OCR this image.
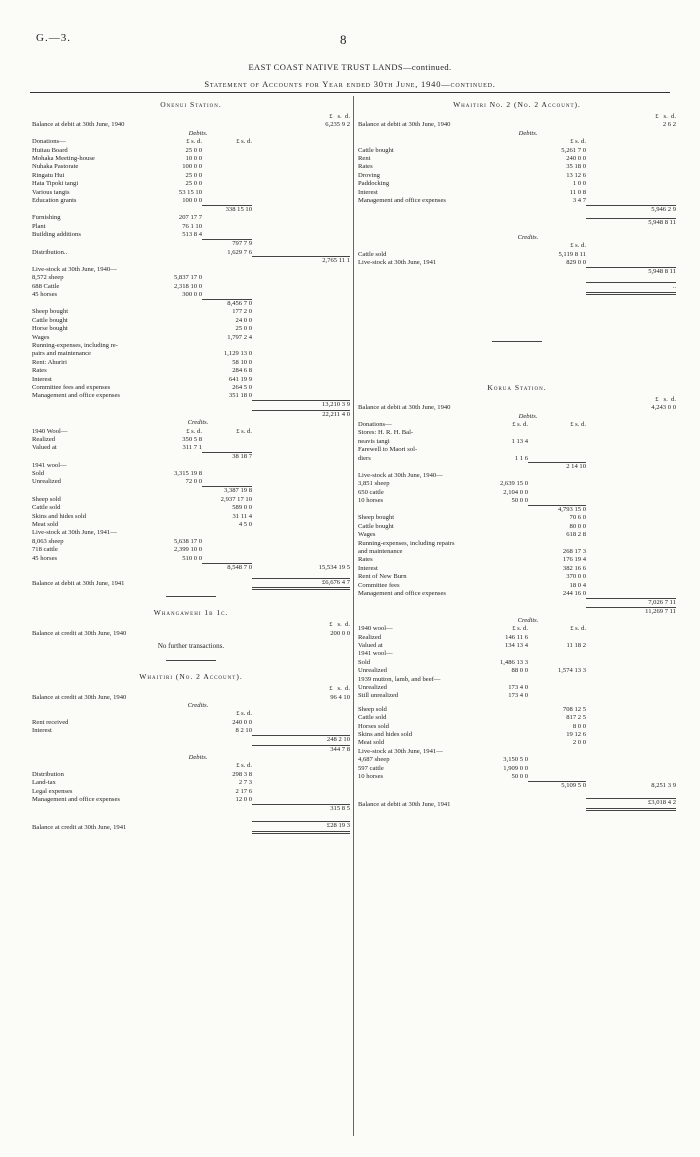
G.—3.	8
EAST COAST NATIVE TRUST LANDS—continued.
Statement of Accounts for Year ended 30th June, 1940—continued.
Onenui Station.
			£ s. d.
Balance at debit at 30th June, 1940			6,235 9 2
	Debits.		
Donations—	£ s. d.	£ s. d.	
Huitau Board	25 0 0		
Mohaka Meeting-house	10 0 0		
Nuhaka Pastorate	100 0 0		
Ringatu Hui	25 0 0		
Hata Tipoki tangi	25 0 0		
Various tangis	53 15 10		
Education grants	100 0 0		
		338 15 10	
Furnishing	207 17 7		
Plant	76 1 10		
Building additions	513 8 4		
		797 7 9	
Distribution..		1,629 7 6	
			2,765 11 1
Live-stock at 30th June, 1940—			
8,572 sheep	5,837 17 0		
688 Cattle	2,318 10 0		
45 horses	300 0 0		
		8,456 7 0	
Sheep bought		177 2 0	
Cattle bought		24 0 0	
Horse bought		25 0 0	
Wages		1,797 2 4	
Running-expenses, including re-			
pairs and maintenance		1,129 13 0	
Rent: Ahuriri		58 10 0	
Rates		284 6 8	
Interest		641 19 9	
Committee fees and expenses		264 5 0	
Management and office expenses		351 18 0	
			13,210 3 9
			22,211 4 0
	Credits.		
1940 Wool—	£ s. d.	£ s. d.	
Realized	350 5 8		
Valued at	311 7 1		
		38 18 7	
1941 wool—			
Sold	3,315 19 8		
Unrealized	72 0 0		
		3,387 19 8	
Sheep sold		2,937 17 10	
Cattle sold		589 0 0	
Skins and hides sold		31 11 4	
Meat sold		4 5 0	
Live-stock at 30th June, 1941—			
8,063 sheep	5,638 17 0		
718 cattle	2,399 10 0		
45 horses	510 0 0		
		8,548 7 0	15,534 19 5

Balance at debit at 30th June, 1941			£6,676 4 7
Whangawehi 1b 1c.
			£ s. d.
Balance at credit at 30th June, 1940			200 0 0
No further transactions.
Whaitiri (No. 2 Account).
			£ s. d.
Balance at credit at 30th June, 1940			96 4 10
	Credits.		
		£ s. d.	
Rent received		240 0 0	
Interest		8 2 10	
			248 2 10
			344 7 8
	Debits.		
		£ s. d.	
Distribution		298 3 8	
Land-tax		2 7 3	
Legal expenses		2 17 6	
Management and office expenses		12 0 0	
			315 8 5

Balance at credit at 30th June, 1941			£28 19 3
Whaitiri No. 2 (No. 2 Account).
			£ s. d.
Balance at debit at 30th June, 1940			2 6 2
	Debits.		
		£ s. d.	
Cattle bought		5,261 7 0	
Rent		240 0 0	
Rates		35 18 0	
Droving		13 12 6	
Paddocking		1 0 0	
Interest		11 0 8	
Management and office expenses		3 4 7	
			5,946 2 9

			5,948 8 11

	Credits.		
		£ s. d.	
Cattle sold		5,119 8 11	
Live-stock at 30th June, 1941		829 0 0	
			5,948 8 11

			..
Korua Station.
			£ s. d.
Balance at debit at 30th June, 1940			4,243 0 0
	Debits.		
Donations—	£ s. d.	£ s. d.	
Stores: H. R. H. Bal-			
neavis tangi	1 13 4		
Farewell to Maori sol-			
diers	1 1 6		
		2 14 10	
Live-stock at 30th June, 1940—			
3,851 sheep	2,639 15 0		
650 cattle	2,104 0 0		
10 horses	50 0 0		
		4,793 15 0	
Sheep bought		70 6 0	
Cattle bought		80 0 0	
Wages		618 2 8	
Running-expenses, including repairs			
and maintenance		268 17 3	
Rates		176 19 4	
Interest		382 16 6	
Rent of New Burn		370 0 0	
Committee fees		18 0 4	
Management and office expenses		244 16 0	
			7,026 7 11
			11,269 7 11
	Credits.		
1940 wool—	£ s. d.	£ s. d.	
Realized	146 11 6		
Valued at	134 13 4	11 18 2	
1941 wool—			
Sold	1,486 13 3		
Unrealized	88 0 0	1,574 13 3	
1939 mutton, lamb, and beef—			
Unrealized	173 4 0		
Still unrealized	173 4 0		

Sheep sold		708 12 5	
Cattle sold		817 2 5	
Horses sold		8 0 0	
Skins and hides sold		19 12 6	
Meat sold		2 0 0	
Live-stock at 30th June, 1941—			
4,687 sheep	3,150 5 0		
597 cattle	1,909 0 0		
10 horses	50 0 0		
		5,109 5 0	8,251 3 9

Balance at debit at 30th June, 1941			£3,018 4 2
